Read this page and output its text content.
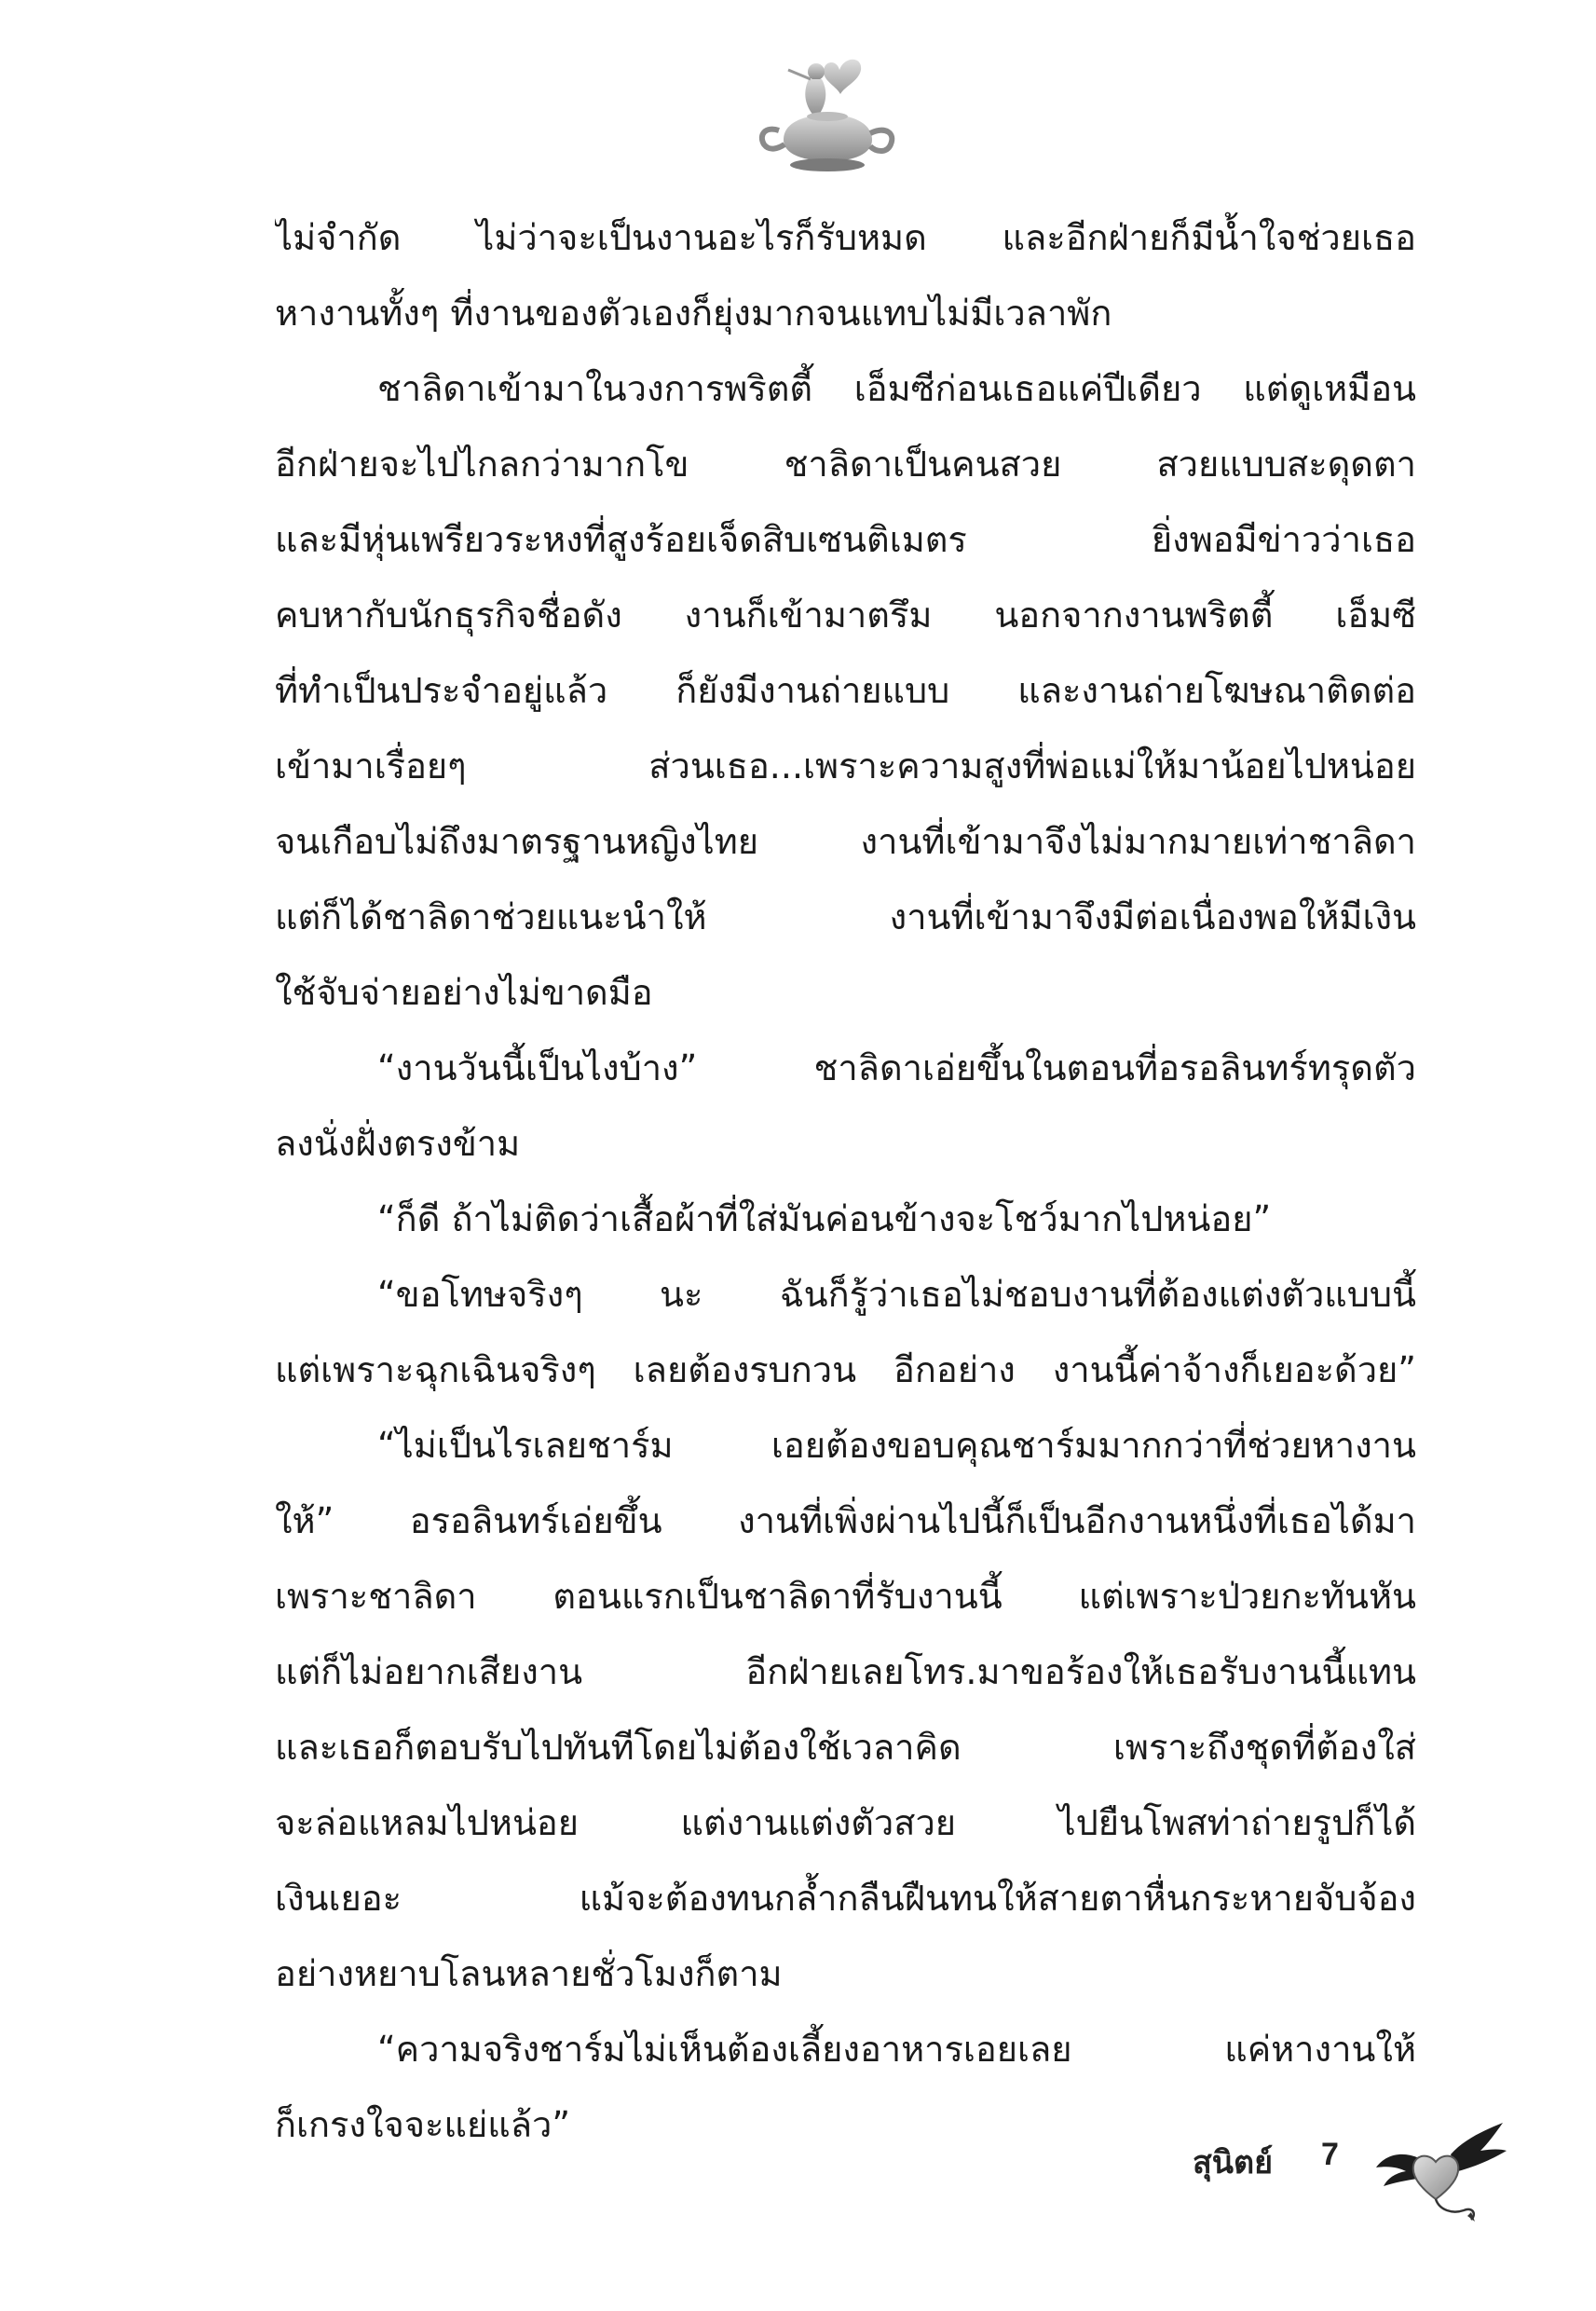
ไม่จำกัด ไม่ว่าจะเป็นงานอะไรก็รับหมด และอีกฝ่ายก็มีน้ำใจช่วยเธอ
หางานทั้งๆ ที่งานของตัวเองก็ยุ่งมากจนแทบไม่มีเวลาพัก
ชาลิดาเข้ามาในวงการพริตตี้ เอ็มซีก่อนเธอแค่ปีเดียว แต่ดูเหมือน
อีกฝ่ายจะไปไกลกว่ามากโข ชาลิดาเป็นคนสวย สวยแบบสะดุดตา
และมีหุ่นเพรียวระหงที่สูงร้อยเจ็ดสิบเซนติเมตร ยิ่งพอมีข่าวว่าเธอ
คบหากับนักธุรกิจชื่อดัง งานก็เข้ามาตรึม นอกจากงานพริตตี้ เอ็มซี
ที่ทำเป็นประจำอยู่แล้ว ก็ยังมีงานถ่ายแบบ และงานถ่ายโฆษณาติดต่อ
เข้ามาเรื่อยๆ ส่วนเธอ...เพราะความสูงที่พ่อแม่ให้มาน้อยไปหน่อย
จนเกือบไม่ถึงมาตรฐานหญิงไทย งานที่เข้ามาจึงไม่มากมายเท่าชาลิดา
แต่ก็ได้ชาลิดาช่วยแนะนำให้ งานที่เข้ามาจึงมีต่อเนื่องพอให้มีเงิน
ใช้จับจ่ายอย่างไม่ขาดมือ
“งานวันนี้เป็นไงบ้าง” ชาลิดาเอ่ยขึ้นในตอนที่อรอลินทร์ทรุดตัว
ลงนั่งฝั่งตรงข้าม
“ก็ดี ถ้าไม่ติดว่าเสื้อผ้าที่ใส่มันค่อนข้างจะโชว์มากไปหน่อย”
“ขอโทษจริงๆ นะ ฉันก็รู้ว่าเธอไม่ชอบงานที่ต้องแต่งตัวแบบนี้
แต่เพราะฉุกเฉินจริงๆ เลยต้องรบกวน อีกอย่าง งานนี้ค่าจ้างก็เยอะด้วย”
“ไม่เป็นไรเลยชาร์ม เอยต้องขอบคุณชาร์มมากกว่าที่ช่วยหางาน
ให้” อรอลินทร์เอ่ยขึ้น งานที่เพิ่งผ่านไปนี้ก็เป็นอีกงานหนึ่งที่เธอได้มา
เพราะชาลิดา ตอนแรกเป็นชาลิดาที่รับงานนี้ แต่เพราะป่วยกะทันหัน
แต่ก็ไม่อยากเสียงาน อีกฝ่ายเลยโทร.มาขอร้องให้เธอรับงานนี้แทน
และเธอก็ตอบรับไปทันทีโดยไม่ต้องใช้เวลาคิด เพราะถึงชุดที่ต้องใส่
จะล่อแหลมไปหน่อย แต่งานแต่งตัวสวย ไปยืนโพสท่าถ่ายรูปก็ได้
เงินเยอะ แม้จะต้องทนกล้ำกลืนฝืนทนให้สายตาหื่นกระหายจับจ้อง
อย่างหยาบโลนหลายชั่วโมงก็ตาม
“ความจริงชาร์มไม่เห็นต้องเลี้ยงอาหารเอยเลย แค่หางานให้
ก็เกรงใจจะแย่แล้ว”
สุนิตย์ 7
